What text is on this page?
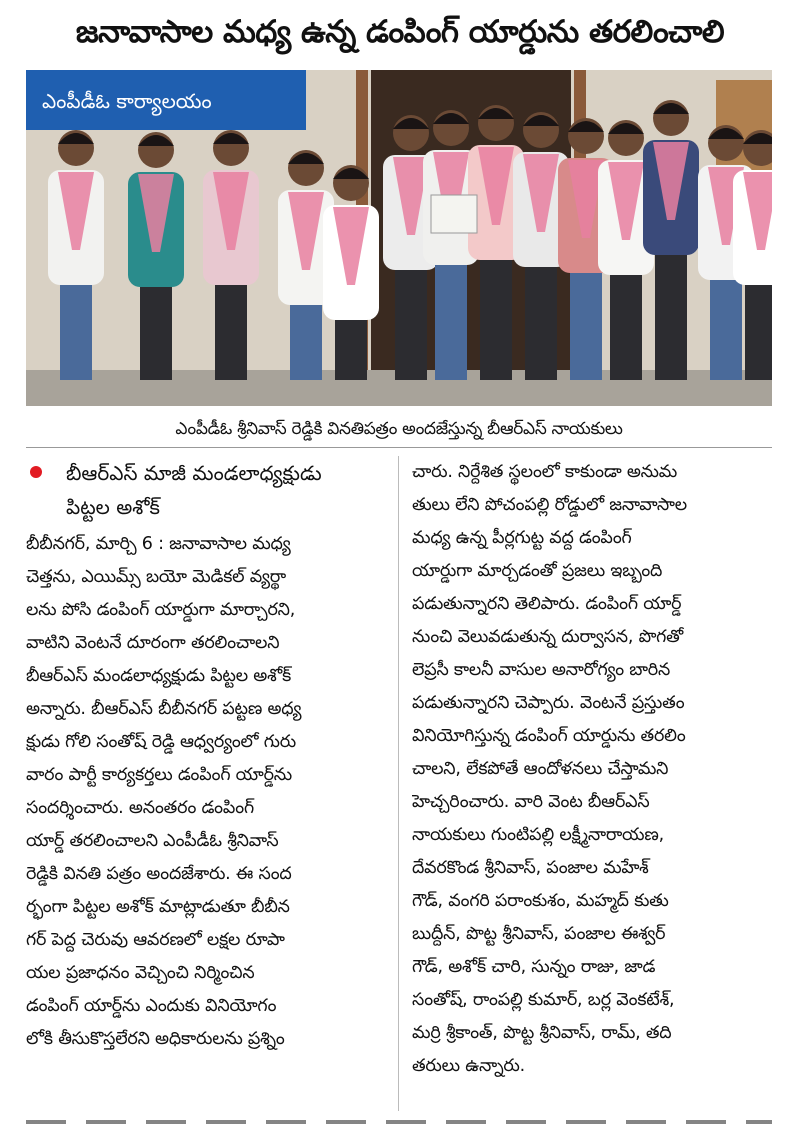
జనావాసాల మధ్య ఉన్న డంపింగ్ యార్డును తరలించాలి
ఎంపీడీఓ కార్యాలయం
ఎంపీడీఓ శ్రీనివాస్ రెడ్డికి వినతిపత్రం అందజేస్తున్న బీఆర్ఎస్ నాయకులు
బీఆర్ఎస్ మాజీ మండలాధ్యక్షుడు
పిట్టల అశోక్
బీబీనగర్, మార్చి 6 : జనావాసాల మధ్య
చెత్తను, ఎయిమ్స్ బయో మెడికల్ వ్యర్థా
లను పోసి డంపింగ్ యార్డుగా మార్చారని,
వాటిని వెంటనే దూరంగా తరలించాలని
బీఆర్ఎస్ మండలాధ్యక్షుడు పిట్టల అశోక్
అన్నారు. బీఆర్ఎస్ బీబీనగర్ పట్టణ అధ్య
క్షుడు గోలి సంతోష్ రెడ్డి ఆధ్వర్యంలో గురు
వారం పార్టీ కార్యకర్తలు డంపింగ్ యార్డ్‌ను
సందర్శించారు. అనంతరం డంపింగ్
యార్డ్ తరలించాలని ఎంపీడీఓ శ్రీనివాస్
రెడ్డికి వినతి పత్రం అందజేశారు. ఈ సంద
ర్భంగా పిట్టల అశోక్ మాట్లాడుతూ బీబీన
గర్ పెద్ద చెరువు ఆవరణలో లక్షల రూపా
యల ప్రజాధనం వెచ్చించి నిర్మించిన
డంపింగ్ యార్డ్‌ను ఎందుకు వినియోగం
లోకి తీసుకొస్తలేరని అధికారులను ప్రశ్నిం
చారు. నిర్దేశిత స్థలంలో కాకుండా అనుమ
తులు లేని పోచంపల్లి రోడ్డులో జనావాసాల
మధ్య ఉన్న పీర్లగుట్ట వద్ద డంపింగ్
యార్డుగా మార్చడంతో ప్రజలు ఇబ్బంది
పడుతున్నారని తెలిపారు. డంపింగ్ యార్డ్
నుంచి వెలువడుతున్న దుర్వాసన, పొగతో
లెప్రసీ కాలనీ వాసుల అనారోగ్యం బారిన
పడుతున్నారని చెప్పారు. వెంటనే ప్రస్తుతం
వినియోగిస్తున్న డంపింగ్ యార్డును తరలిం
చాలని, లేకపోతే ఆందోళనలు చేస్తామని
హెచ్చరించారు. వారి వెంట బీఆర్ఎస్
నాయకులు గుంటిపల్లి లక్ష్మీనారాయణ,
దేవరకొండ శ్రీనివాస్, పంజాల మహేశ్
గౌడ్, వంగరి పరాంకుశం, మహ్మద్ కుతు
బుద్దీన్, పొట్ట శ్రీనివాస్, పంజాల ఈశ్వర్
గౌడ్, అశోక్ చారి, సున్నం రాజు, జాడ
సంతోష్, రాంపల్లి కుమార్, బర్ల వెంకటేశ్,
మర్రి శ్రీకాంత్, పొట్ట శ్రీనివాస్, రామ్, తది
తరులు ఉన్నారు.
